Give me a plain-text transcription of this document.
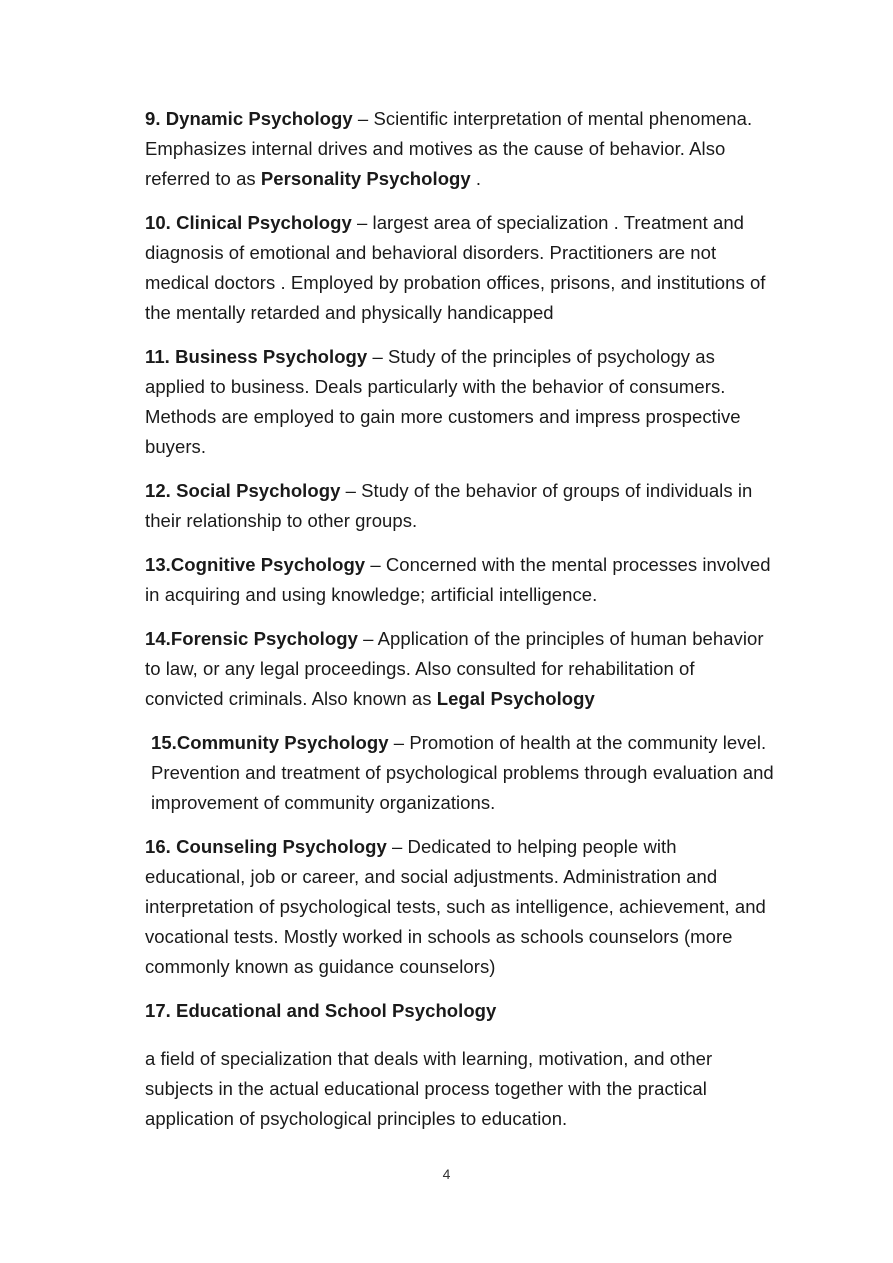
9. Dynamic Psychology – Scientific interpretation of mental phenomena. Emphasizes internal drives and motives as the cause of behavior. Also referred to as Personality Psychology .

10. Clinical Psychology – largest area of specialization . Treatment and diagnosis of emotional and behavioral disorders. Practitioners are not medical doctors . Employed by probation offices, prisons, and institutions of the mentally retarded and physically handicapped

11. Business Psychology – Study of the principles of psychology as applied to business. Deals particularly with the behavior of consumers. Methods are employed to gain more customers and impress prospective buyers.

12. Social Psychology – Study of the behavior of groups of individuals in their relationship to other groups.

13.Cognitive Psychology – Concerned with the mental processes involved in acquiring and using knowledge; artificial intelligence.

14.Forensic Psychology – Application of the principles of human behavior to law, or any legal proceedings. Also consulted for rehabilitation of convicted criminals. Also known as Legal Psychology

15.Community Psychology – Promotion of health at the community level. Prevention and treatment of psychological problems through evaluation and improvement of community organizations.

16. Counseling Psychology – Dedicated to helping people with educational, job or career, and social adjustments. Administration and interpretation of psychological tests, such as intelligence, achievement, and vocational tests. Mostly worked in schools as schools counselors (more commonly known as guidance counselors)

17. Educational and School Psychology

a field of specialization that deals with learning, motivation, and other subjects in the actual educational process together with the practical application of psychological principles to education.

4
